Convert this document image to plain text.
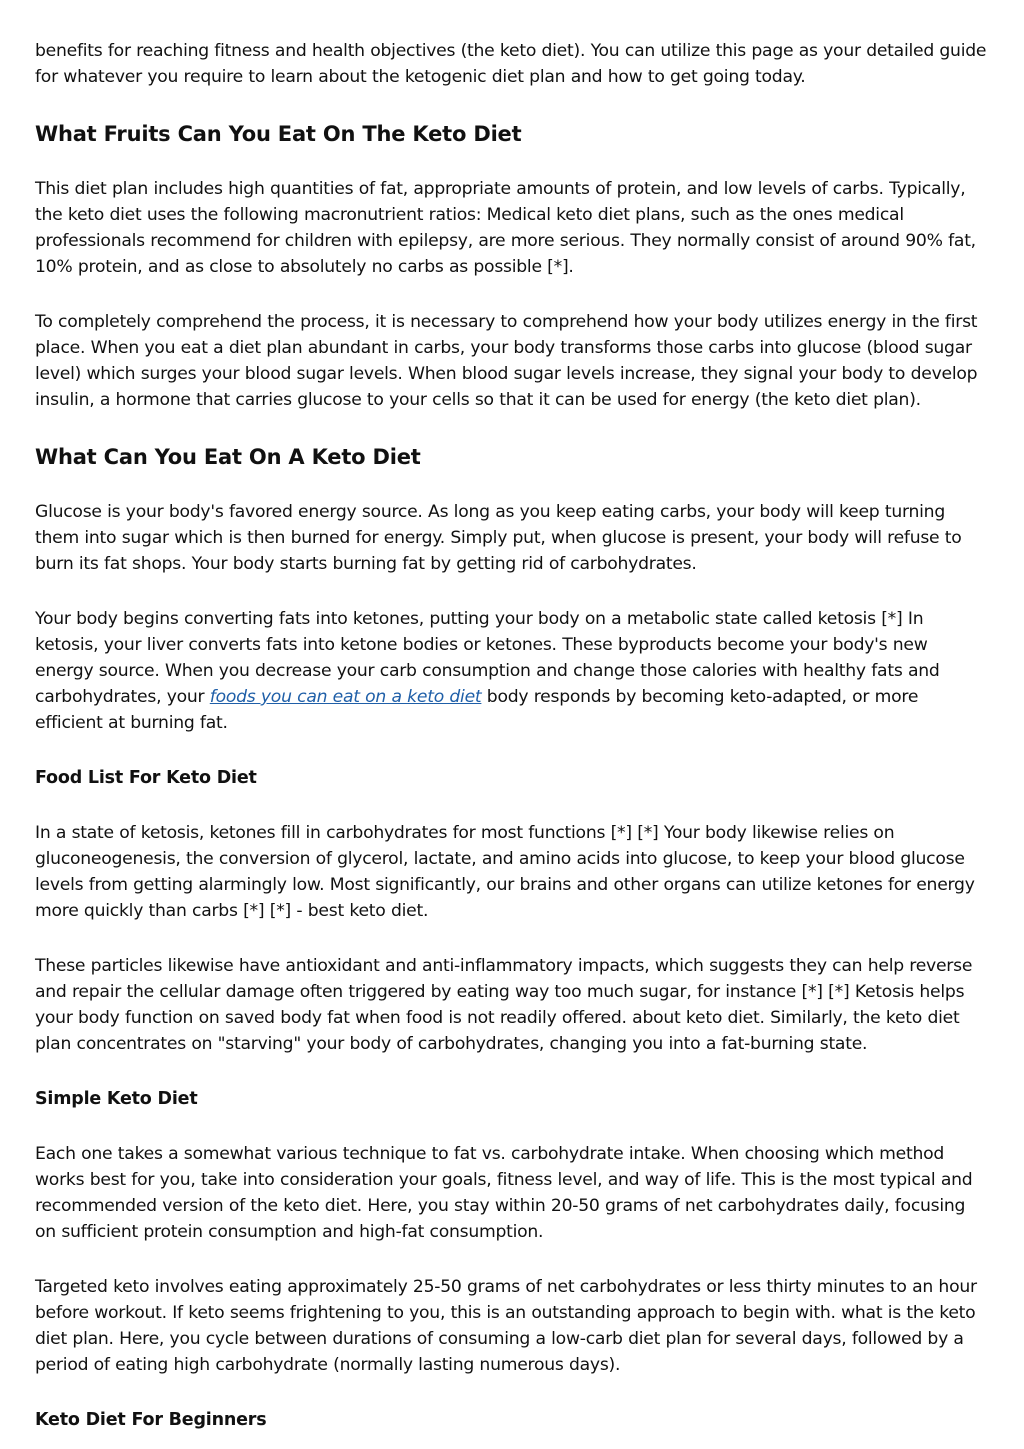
benefits for reaching fitness and health objectives (the keto diet). You can utilize this page as your detailed guide for whatever you require to learn about the ketogenic diet plan and how to get going today.

What Fruits Can You Eat On The Keto Diet

This diet plan includes high quantities of fat, appropriate amounts of protein, and low levels of carbs. Typically, the keto diet uses the following macronutrient ratios: Medical keto diet plans, such as the ones medical professionals recommend for children with epilepsy, are more serious. They normally consist of around 90% fat, 10% protein, and as close to absolutely no carbs as possible [*].

To completely comprehend the process, it is necessary to comprehend how your body utilizes energy in the first place. When you eat a diet plan abundant in carbs, your body transforms those carbs into glucose (blood sugar level) which surges your blood sugar levels. When blood sugar levels increase, they signal your body to develop insulin, a hormone that carries glucose to your cells so that it can be used for energy (the keto diet plan).

What Can You Eat On A Keto Diet

Glucose is your body's favored energy source. As long as you keep eating carbs, your body will keep turning them into sugar which is then burned for energy. Simply put, when glucose is present, your body will refuse to burn its fat shops. Your body starts burning fat by getting rid of carbohydrates.

Your body begins converting fats into ketones, putting your body on a metabolic state called ketosis [*] In ketosis, your liver converts fats into ketone bodies or ketones. These byproducts become your body's new energy source. When you decrease your carb consumption and change those calories with healthy fats and carbohydrates, your foods you can eat on a keto diet body responds by becoming keto-adapted, or more efficient at burning fat.

Food List For Keto Diet

In a state of ketosis, ketones fill in carbohydrates for most functions [*] [*] Your body likewise relies on gluconeogenesis, the conversion of glycerol, lactate, and amino acids into glucose, to keep your blood glucose levels from getting alarmingly low. Most significantly, our brains and other organs can utilize ketones for energy more quickly than carbs [*] [*] - best keto diet.

These particles likewise have antioxidant and anti-inflammatory impacts, which suggests they can help reverse and repair the cellular damage often triggered by eating way too much sugar, for instance [*] [*] Ketosis helps your body function on saved body fat when food is not readily offered. about keto diet. Similarly, the keto diet plan concentrates on "starving" your body of carbohydrates, changing you into a fat-burning state.

Simple Keto Diet

Each one takes a somewhat various technique to fat vs. carbohydrate intake. When choosing which method works best for you, take into consideration your goals, fitness level, and way of life. This is the most typical and recommended version of the keto diet. Here, you stay within 20-50 grams of net carbohydrates daily, focusing on sufficient protein consumption and high-fat consumption.

Targeted keto involves eating approximately 25-50 grams of net carbohydrates or less thirty minutes to an hour before workout. If keto seems frightening to you, this is an outstanding approach to begin with. what is the keto diet plan. Here, you cycle between durations of consuming a low-carb diet plan for several days, followed by a period of eating high carbohydrate (normally lasting numerous days).

Keto Diet For Beginners
